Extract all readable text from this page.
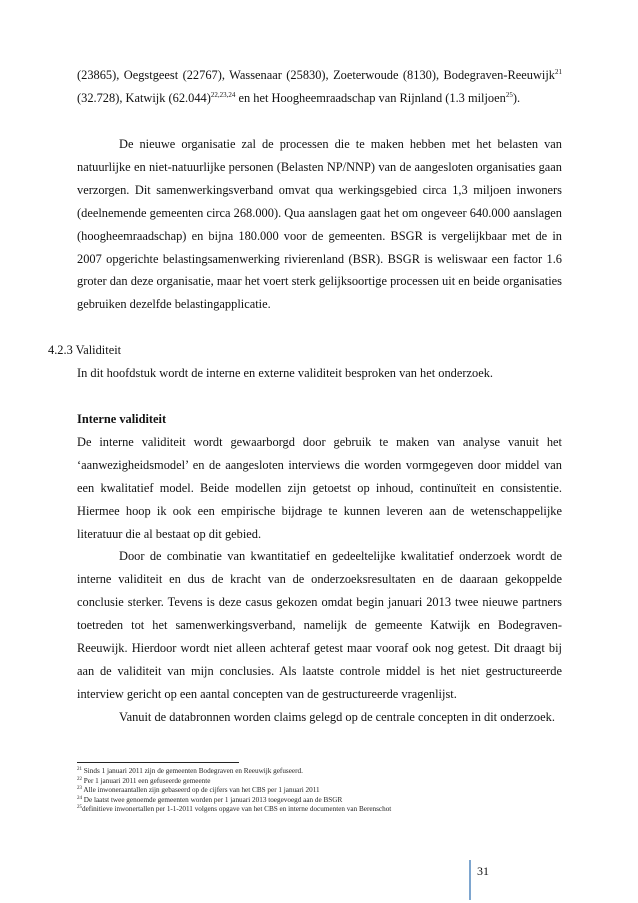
(23865), Oegstgeest (22767), Wassenaar (25830), Zoeterwoude (8130), Bodegraven-Reeuwijk$^{21}$ (32.728), Katwijk $(62.044)^{22,23,24}$ en het Hoogheemraadschap van Rijnland (1.3 miljoen$^{25}$).

De nieuwe organisatie zal de processen die te maken hebben met het belasten van natuurlijke en niet-natuurlijke personen (Belasten NP/NNP) van de aangesloten organisaties gaan verzorgen. Dit samenwerkingsverband omvat qua werkingsgebied circa 1,3 miljoen inwoners (deelnemende gemeenten circa 268.000). Qua aanslagen gaat het om ongeveer 640.000 aanslagen (hoogheemraadschap) en bijna 180.000 voor de gemeenten. BSGR is vergelijkbaar met de in 2007 opgerichte belastingsamenwerking rivierenland (BSR). BSGR is weliswaar een factor 1.6 groter dan deze organisatie, maar het voert sterk gelijksoortige processen uit en beide organisaties gebruiken dezelfde belastingapplicatie.

4.2.3 Validiteit

In dit hoofdstuk wordt de interne en externe validiteit besproken van het onderzoek.

Interne validiteit

De interne validiteit wordt gewaarborgd door gebruik te maken van analyse vanuit het ‘aanwezigheidsmodel’ en de aangesloten interviews die worden vormgegeven door middel van een kwalitatief model. Beide modellen zijn getoetst op inhoud, continuïteit en consistentie. Hiermee hoop ik ook een empirische bijdrage te kunnen leveren aan de wetenschappelijke literatuur die al bestaat op dit gebied.

Door de combinatie van kwantitatief en gedeeltelijke kwalitatief onderzoek wordt de interne validiteit en dus de kracht van de onderzoeksresultaten en de daaraan gekoppelde conclusie sterker. Tevens is deze casus gekozen omdat begin januari 2013 twee nieuwe partners toetreden tot het samenwerkingsverband, namelijk de gemeente Katwijk en Bodegraven-Reeuwijk. Hierdoor wordt niet alleen achteraf getest maar vooraf ook nog getest. Dit draagt bij aan de validiteit van mijn conclusies. Als laatste controle middel is het niet gestructureerde interview gericht op een aantal concepten van de gestructureerde vragenlijst.

Vanuit de databronnen worden claims gelegd op de centrale concepten in dit onderzoek.

$^{21}$ Sinds 1 januari 2011 zijn de gemeenten Bodegraven en Reeuwijk gefuseerd.
$^{22}$ Per 1 januari 2011 een gefuseerde gemeente
$^{23}$ Alle inwoneraantallen zijn gebaseerd op de cijfers van het CBS per 1 januari 2011
$^{24}$ De laatst twee genoemde gemeenten worden per 1 januari 2013 toegevoegd aan de BSGR
$^{25}$definitieve inwonertallen per 1-1-2011 volgens opgave van het CBS en interne documenten van Berenschot
31
